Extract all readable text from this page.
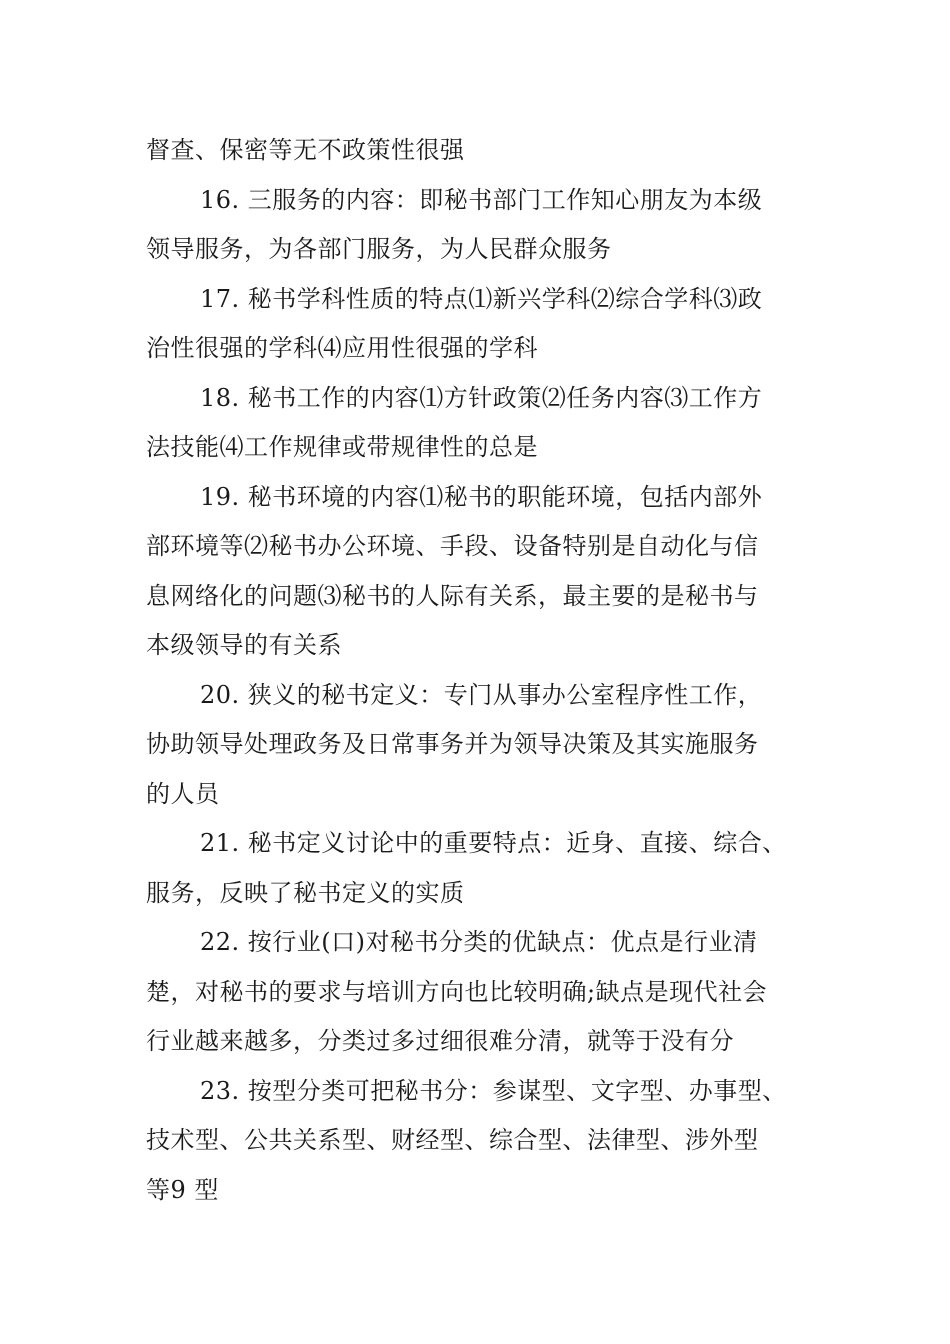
督查、保密等无不政策性很强
16. 三服务的内容：即秘书部门工作知心朋友为本级
领导服务，为各部门服务，为人民群众服务
17. 秘书学科性质的特点⑴新兴学科⑵综合学科⑶政
治性很强的学科⑷应用性很强的学科
18. 秘书工作的内容⑴方针政策⑵任务内容⑶工作方
法技能⑷工作规律或带规律性的总是
19. 秘书环境的内容⑴秘书的职能环境，包括内部外
部环境等⑵秘书办公环境、手段、设备特别是自动化与信
息网络化的问题⑶秘书的人际有关系，最主要的是秘书与
本级领导的有关系
20. 狭义的秘书定义：专门从事办公室程序性工作，
协助领导处理政务及日常事务并为领导决策及其实施服务
的人员
21. 秘书定义讨论中的重要特点：近身、直接、综合、
服务，反映了秘书定义的实质
22. 按行业(口)对秘书分类的优缺点：优点是行业清
楚，对秘书的要求与培训方向也比较明确;缺点是现代社会
行业越来越多，分类过多过细很难分清，就等于没有分
23. 按型分类可把秘书分：参谋型、文字型、办事型、
技术型、公共关系型、财经型、综合型、法律型、涉外型
等9 型
